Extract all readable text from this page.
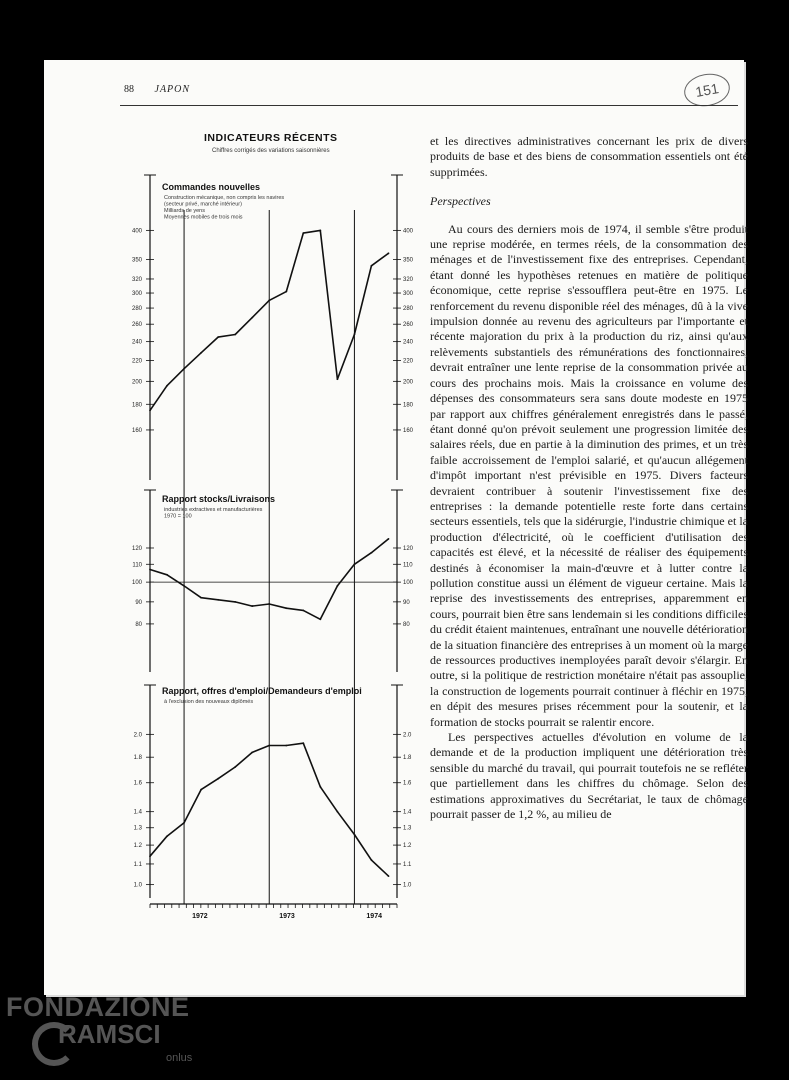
88 JAPON	151
INDICATEURS RÉCENTS
Chiffres corrigés des variations saisonnières

et les directives administratives concernant les prix de divers produits de base et des biens de consommation essentiels ont été supprimées.

Perspectives

Au cours des derniers mois de 1974, il semble s'être produit une reprise modérée, en termes réels, de la consommation des ménages et de l'investissement fixe des entreprises. Cependant, étant donné les hypothèses retenues en matière de politique économique, cette reprise s'essoufflera peut-être en 1975. Le renforcement du revenu disponible réel des ménages, dû à la vive impulsion donnée au revenu des agriculteurs par l'importante et récente majoration du prix à la production du riz, ainsi qu'aux relèvements substantiels des rémunérations des fonctionnaires, devrait entraîner une lente reprise de la consommation privée au cours des prochains mois. Mais la croissance en volume des dépenses des consommateurs sera sans doute modeste en 1975 par rapport aux chiffres généralement enregistrés dans le passé, étant donné qu'on prévoit seulement une progression limitée des salaires réels, due en partie à la diminution des primes, et un très faible accroissement de l'emploi salarié, et qu'aucun allégement d'impôt important n'est prévisible en 1975. Divers facteurs devraient contribuer à soutenir l'investissement fixe des entreprises : la demande potentielle reste forte dans certains secteurs essentiels, tels que la sidérurgie, l'industrie chimique et la production d'électricité, où le coefficient d'utilisation des capacités est élevé, et la nécessité de réaliser des équipements destinés à économiser la main-d'œuvre et à lutter contre la pollution constitue aussi un élément de vigueur certaine. Mais la reprise des investissements des entreprises, apparemment en cours, pourrait bien être sans lendemain si les conditions difficiles du crédit étaient maintenues, entraînant une nouvelle détérioration de la situation financière des entreprises à un moment où la marge de ressources productives inemployées paraît devoir s'élargir. En outre, si la politique de restriction monétaire n'était pas assouplie, la construction de logements pourrait continuer à fléchir en 1975, en dépit des mesures prises récemment pour la soutenir, et la formation de stocks pourrait se ralentir encore.

Les perspectives actuelles d'évolution en volume de la demande et de la production impliquent une détérioration très sensible du marché du travail, qui pourrait toutefois ne se refléter que partiellement dans les chiffres du chômage. Selon des estimations approximatives du Secrétariat, le taux de chômage pourrait passer de 1,2 %, au milieu de

1972	1973	1974
160	160
180	180
200	200
220	220
240	240
260	260
280	280
300	300
320	320
350	350
400	400
Commandes nouvelles
Construction mécanique, non compris les navires
(secteur privé, marché intérieur)
Milliards de yens
Moyennes mobiles de trois mois
80	80
90	90
100	100
110	110
120	120
Rapport stocks/Livraisons
industries extractives et manufacturières
1970 = 100
1.0	1.0
1.1	1.1
1.2	1.2
1.3	1.3
1.4	1.4
1.6	1.6
1.8	1.8
2.0	2.0
Rapport, offres d'emploi/Demandeurs d'emploi
à l'exclusion des nouveaux diplômés
FONDAZIONE
RAMSCI
onlus
